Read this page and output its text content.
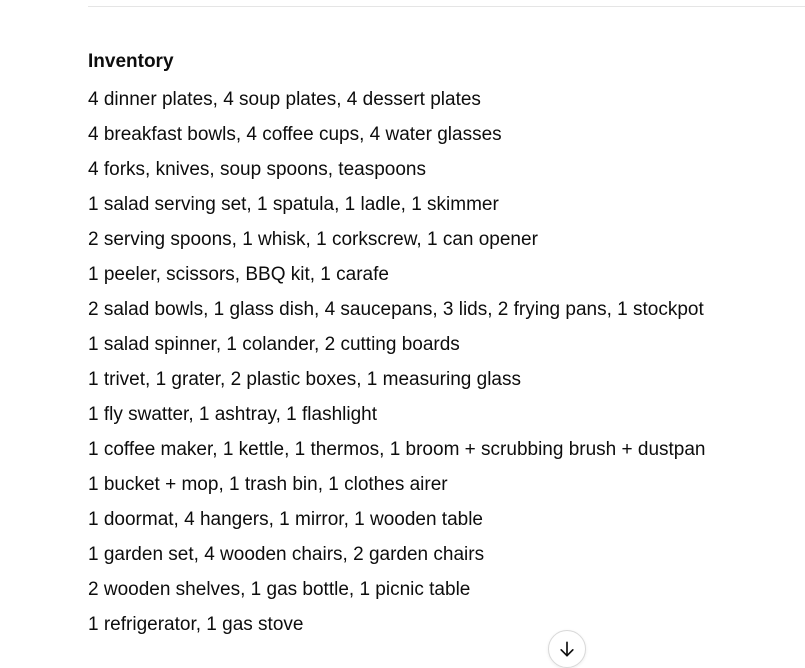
Inventory
4 dinner plates, 4 soup plates, 4 dessert plates
4 breakfast bowls, 4 coffee cups, 4 water glasses
4 forks, knives, soup spoons, teaspoons
1 salad serving set, 1 spatula, 1 ladle, 1 skimmer
2 serving spoons, 1 whisk, 1 corkscrew, 1 can opener
1 peeler, scissors, BBQ kit, 1 carafe
2 salad bowls, 1 glass dish, 4 saucepans, 3 lids, 2 frying pans, 1 stockpot
1 salad spinner, 1 colander, 2 cutting boards
1 trivet, 1 grater, 2 plastic boxes, 1 measuring glass
1 fly swatter, 1 ashtray, 1 flashlight
1 coffee maker, 1 kettle, 1 thermos, 1 broom + scrubbing brush + dustpan
1 bucket + mop, 1 trash bin, 1 clothes airer
1 doormat, 4 hangers, 1 mirror, 1 wooden table
1 garden set, 4 wooden chairs, 2 garden chairs
2 wooden shelves, 1 gas bottle, 1 picnic table
1 refrigerator, 1 gas stove
